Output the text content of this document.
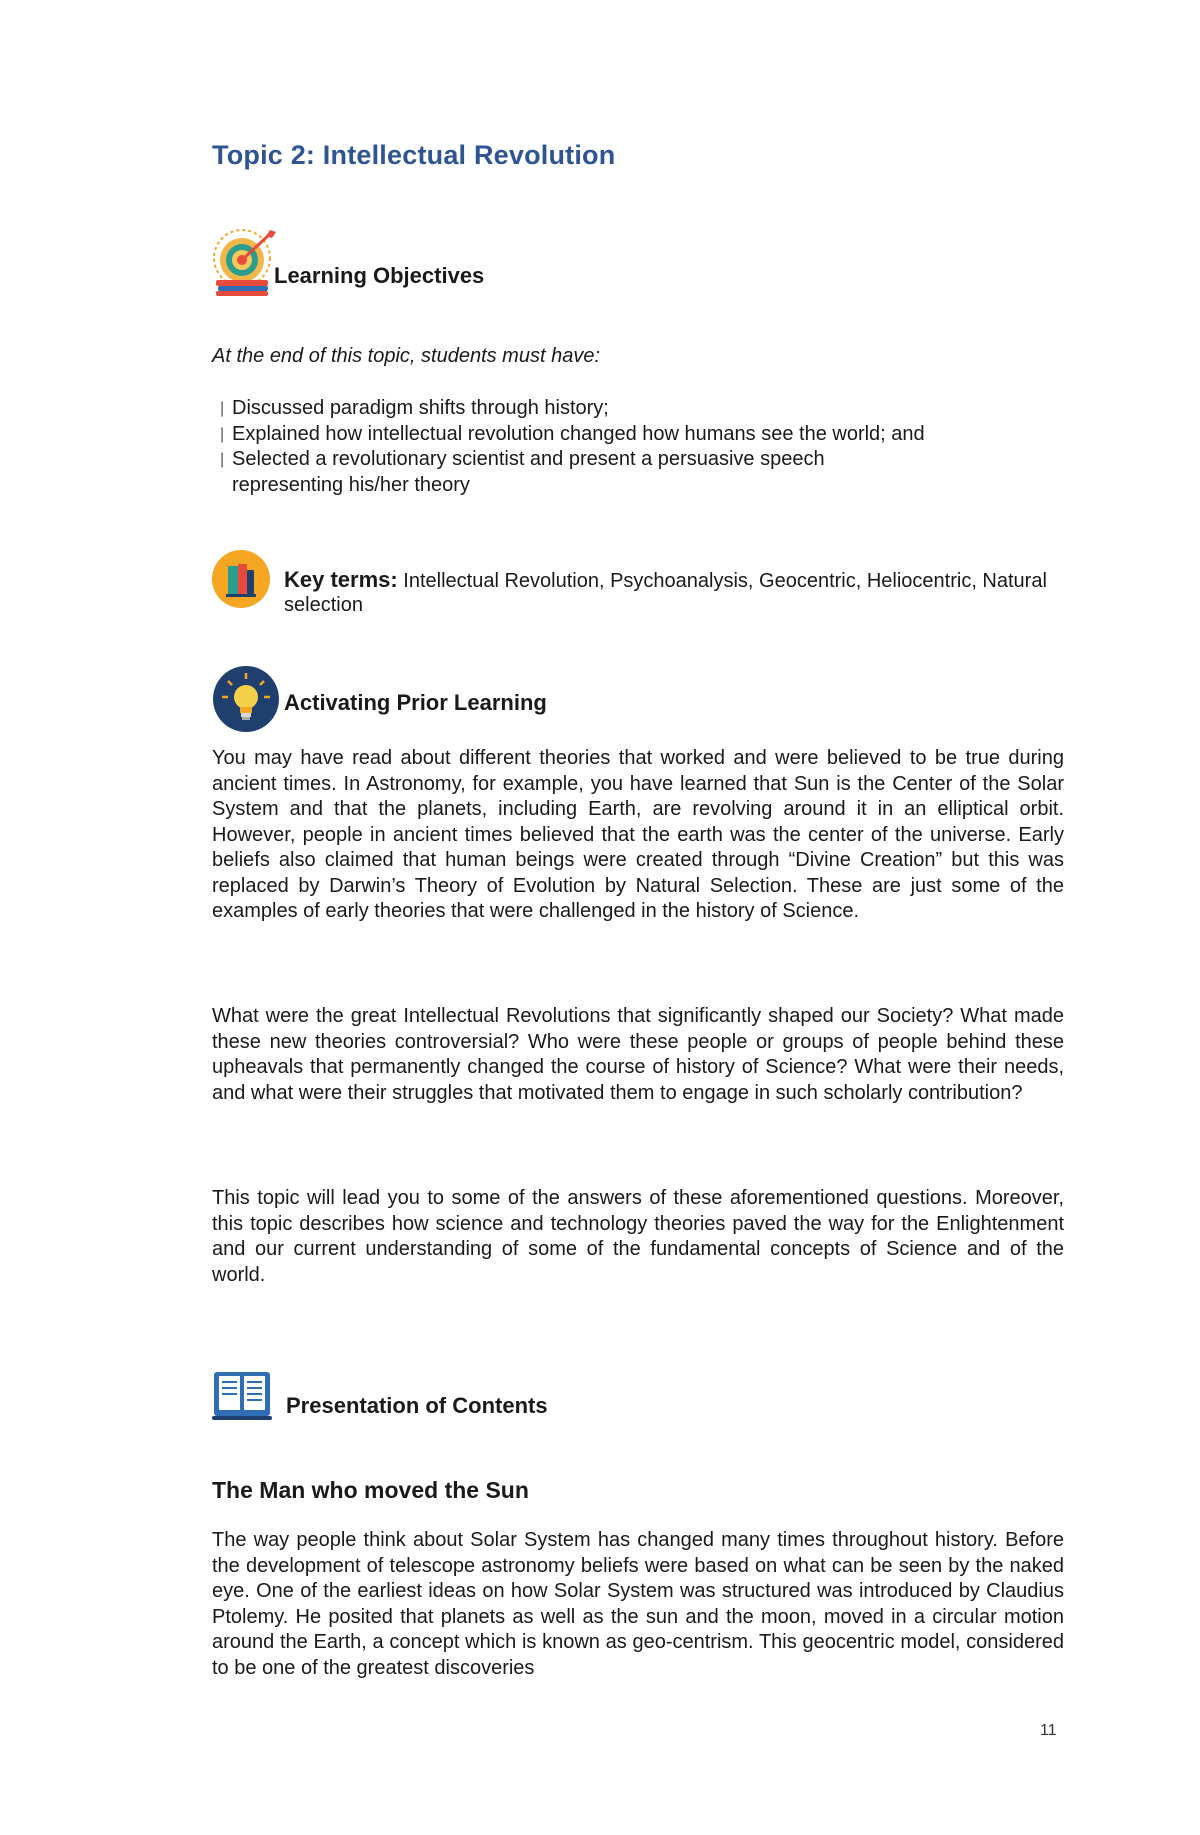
Topic 2: Intellectual Revolution
Learning Objectives

At the end of this topic, students must have:

| Discussed paradigm shifts through history;
| Explained how intellectual revolution changed how humans see the world; and
| Selected a revolutionary scientist and present a persuasive speech representing his/her theory
Key terms: Intellectual Revolution, Psychoanalysis, Geocentric, Heliocentric, Natural selection
Activating Prior Learning

You may have read about different theories that worked and were believed to be true during ancient times. In Astronomy, for example, you have learned that Sun is the Center of the Solar System and that the planets, including Earth, are revolving around it in an elliptical orbit. However, people in ancient times believed that the earth was the center of the universe. Early beliefs also claimed that human beings were created through “Divine Creation” but this was replaced by Darwin’s Theory of Evolution by Natural Selection. These are just some of the examples of early theories that were challenged in the history of Science.

What were the great Intellectual Revolutions that significantly shaped our Society? What made these new theories controversial? Who were these people or groups of people behind these upheavals that permanently changed the course of history of Science? What were their needs, and what were their struggles that motivated them to engage in such scholarly contribution?

This topic will lead you to some of the answers of these aforementioned questions. Moreover, this topic describes how science and technology theories paved the way for the Enlightenment and our current understanding of some of the fundamental concepts of Science and of the world.

Presentation of Contents
The Man who moved the Sun

The way people think about Solar System has changed many times throughout history. Before the development of telescope astronomy beliefs were based on what can be seen by the naked eye. One of the earliest ideas on how Solar System was structured was introduced by Claudius Ptolemy. He posited that planets as well as the sun and the moon, moved in a circular motion around the Earth, a concept which is known as geo-centrism. This geocentric model, considered to be one of the greatest discoveries

11
